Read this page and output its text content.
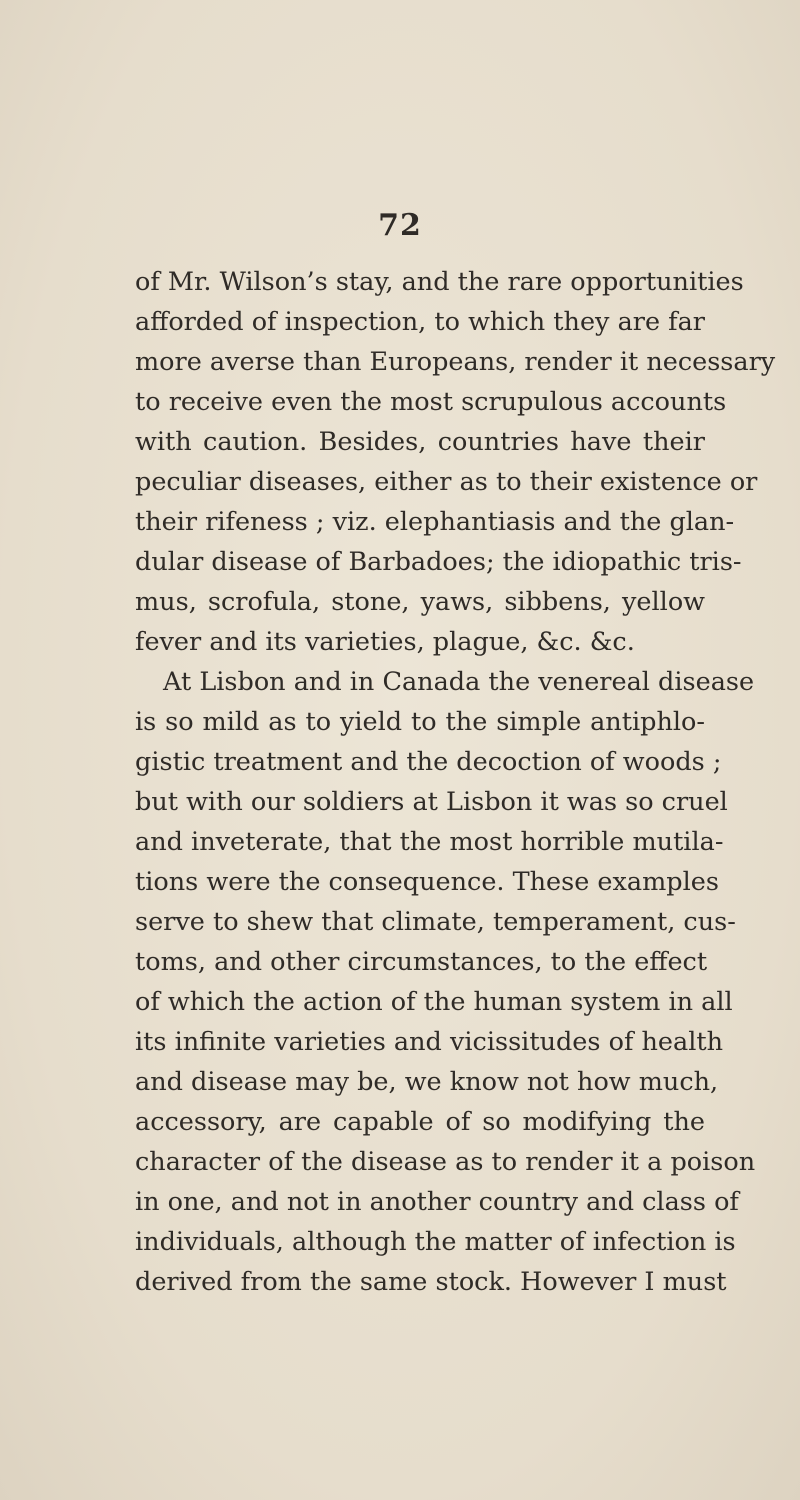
72
of Mr. Wilson’s stay, and the rare opportunities
afforded of inspection, to which they are far
more averse than Europeans, render it necessary
to receive even the most scrupulous accounts
with caution. Besides, countries have their
peculiar diseases, either as to their existence or
their rifeness ; viz. elephantiasis and the glan-
dular disease of Barbadoes; the idiopathic tris-
mus, scrofula, stone, yaws, sibbens, yellow
fever and its varieties, plague, &c. &c.
At Lisbon and in Canada the venereal disease
is so mild as to yield to the simple antiphlo-
gistic treatment and the decoction of woods ;
but with our soldiers at Lisbon it was so cruel
and inveterate, that the most horrible mutila-
tions were the consequence. These examples
serve to shew that climate, temperament, cus-
toms, and other circumstances, to the effect
of which the action of the human system in all
its infinite varieties and vicissitudes of health
and disease may be, we know not how much,
accessory, are capable of so modifying the
character of the disease as to render it a poison
in one, and not in another country and class of
individuals, although the matter of infection is
derived from the same stock. However I must
